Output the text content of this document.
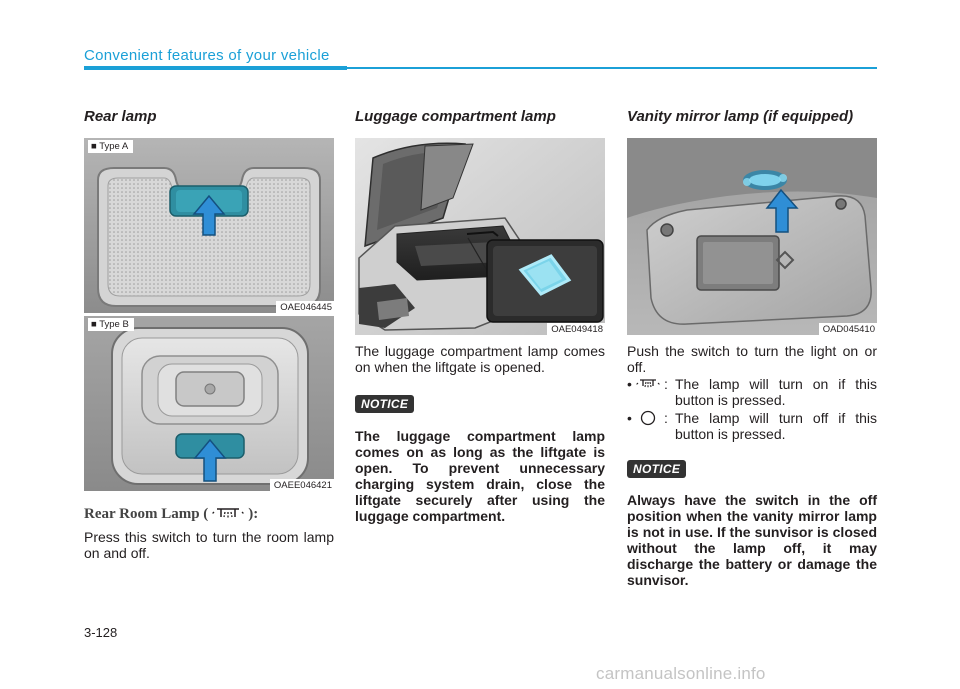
Convenient features of your vehicle
Rear lamp
■ Type A
OAE046445
■ Type B
OAEE046421
Rear Room Lamp (	):

Press this switch to turn the room lamp on and off.

Luggage compartment lamp
OAE049418

The luggage compartment lamp comes on when the liftgate is opened.

NOTICE

The luggage compartment lamp comes on as long as the liftgate is open. To prevent unnecessary charging system drain, close the liftgate securely after using the luggage compartment.

Vanity mirror lamp (if equipped)
OAD045410

Push the switch to turn the light on or off.

• : The lamp will turn on if this button is pressed.
• : The lamp will turn off if this button is pressed.
NOTICE

Always have the switch in the off position when the vanity mirror lamp is not in use. If the sunvisor is closed without the lamp off, it may discharge the battery or damage the sunvisor.

3-128
carmanualsonline.info
